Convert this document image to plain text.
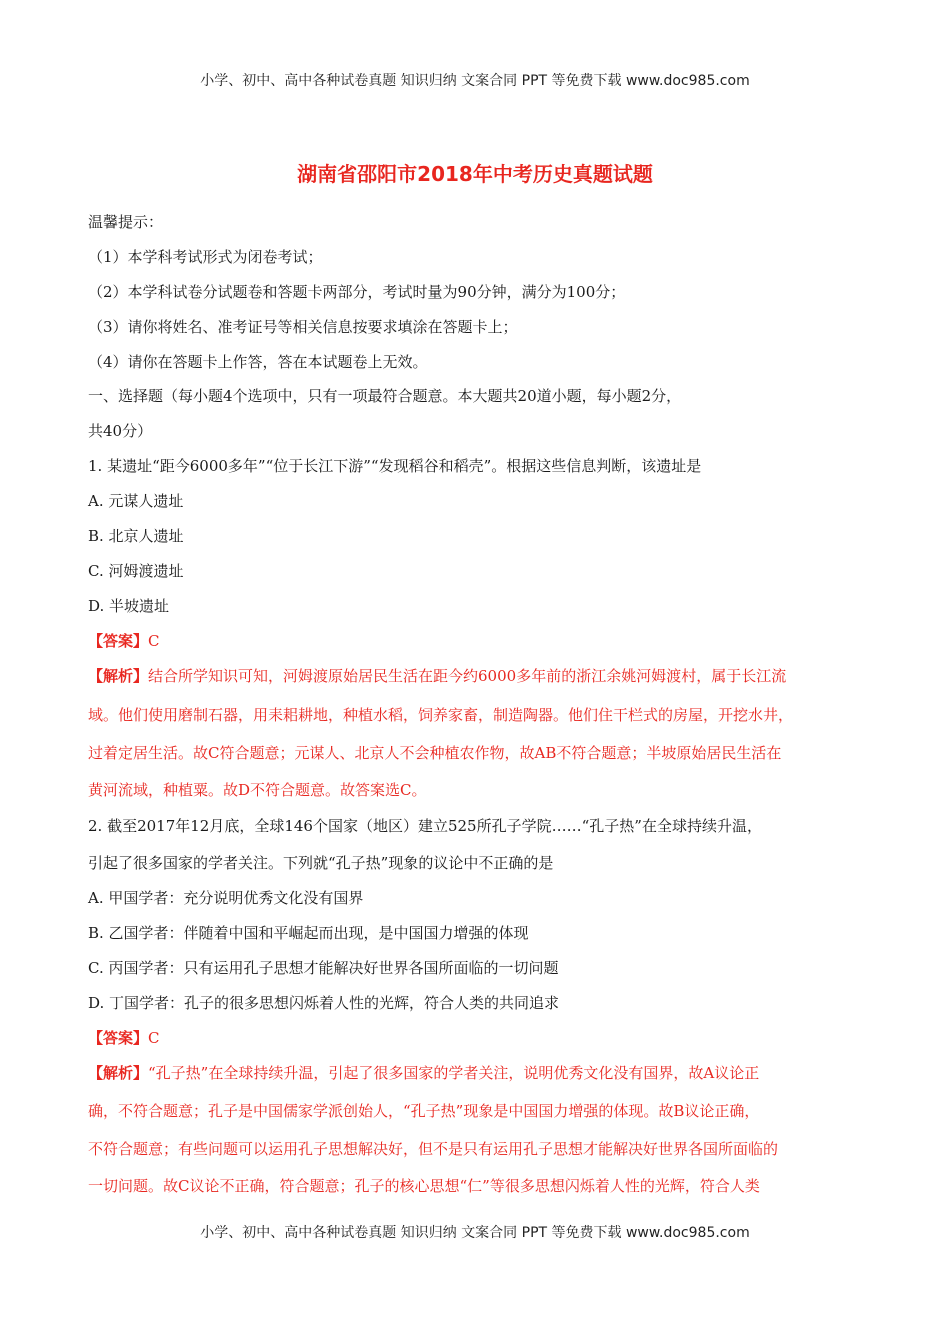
小学、初中、高中各种试卷真题 知识归纳 文案合同 PPT 等免费下载 www.doc985.com
湖南省邵阳市2018年中考历史真题试题
温馨提示：
（1）本学科考试形式为闭卷考试；
（2）本学科试卷分试题卷和答题卡两部分，考试时量为90分钟，满分为100分；
（3）请你将姓名、准考证号等相关信息按要求填涂在答题卡上；
（4）请你在答题卡上作答，答在本试题卷上无效。
一、选择题（每小题4个选项中，只有一项最符合题意。本大题共20道小题，每小题2分，
共40分）
1. 某遗址“距今6000多年”“位于长江下游”“发现稻谷和稻壳”。根据这些信息判断，该遗址是
A. 元谋人遗址
B. 北京人遗址
C. 河姆渡遗址
D. 半坡遗址
【答案】C
【解析】结合所学知识可知，河姆渡原始居民生活在距今约6000多年前的浙江余姚河姆渡村，属于长江流
域。他们使用磨制石器，用耒耜耕地，种植水稻，饲养家畜，制造陶器。他们住干栏式的房屋，开挖水井，
过着定居生活。故C符合题意；元谋人、北京人不会种植农作物，故AB不符合题意；半坡原始居民生活在
黄河流域，种植粟。故D不符合题意。故答案选C。
2. 截至2017年12月底，全球146个国家（地区）建立525所孔子学院……“孔子热”在全球持续升温，
引起了很多国家的学者关注。下列就“孔子热”现象的议论中不正确的是
A. 甲国学者：充分说明优秀文化没有国界
B. 乙国学者：伴随着中国和平崛起而出现，是中国国力增强的体现
C. 丙国学者：只有运用孔子思想才能解决好世界各国所面临的一切问题
D. 丁国学者：孔子的很多思想闪烁着人性的光辉，符合人类的共同追求
【答案】C
【解析】“孔子热”在全球持续升温，引起了很多国家的学者关注，说明优秀文化没有国界，故A议论正
确，不符合题意；孔子是中国儒家学派创始人，“孔子热”现象是中国国力增强的体现。故B议论正确，
不符合题意；有些问题可以运用孔子思想解决好，但不是只有运用孔子思想才能解决好世界各国所面临的
一切问题。故C议论不正确，符合题意；孔子的核心思想“仁”等很多思想闪烁着人性的光辉，符合人类
小学、初中、高中各种试卷真题 知识归纳 文案合同 PPT 等免费下载 www.doc985.com
